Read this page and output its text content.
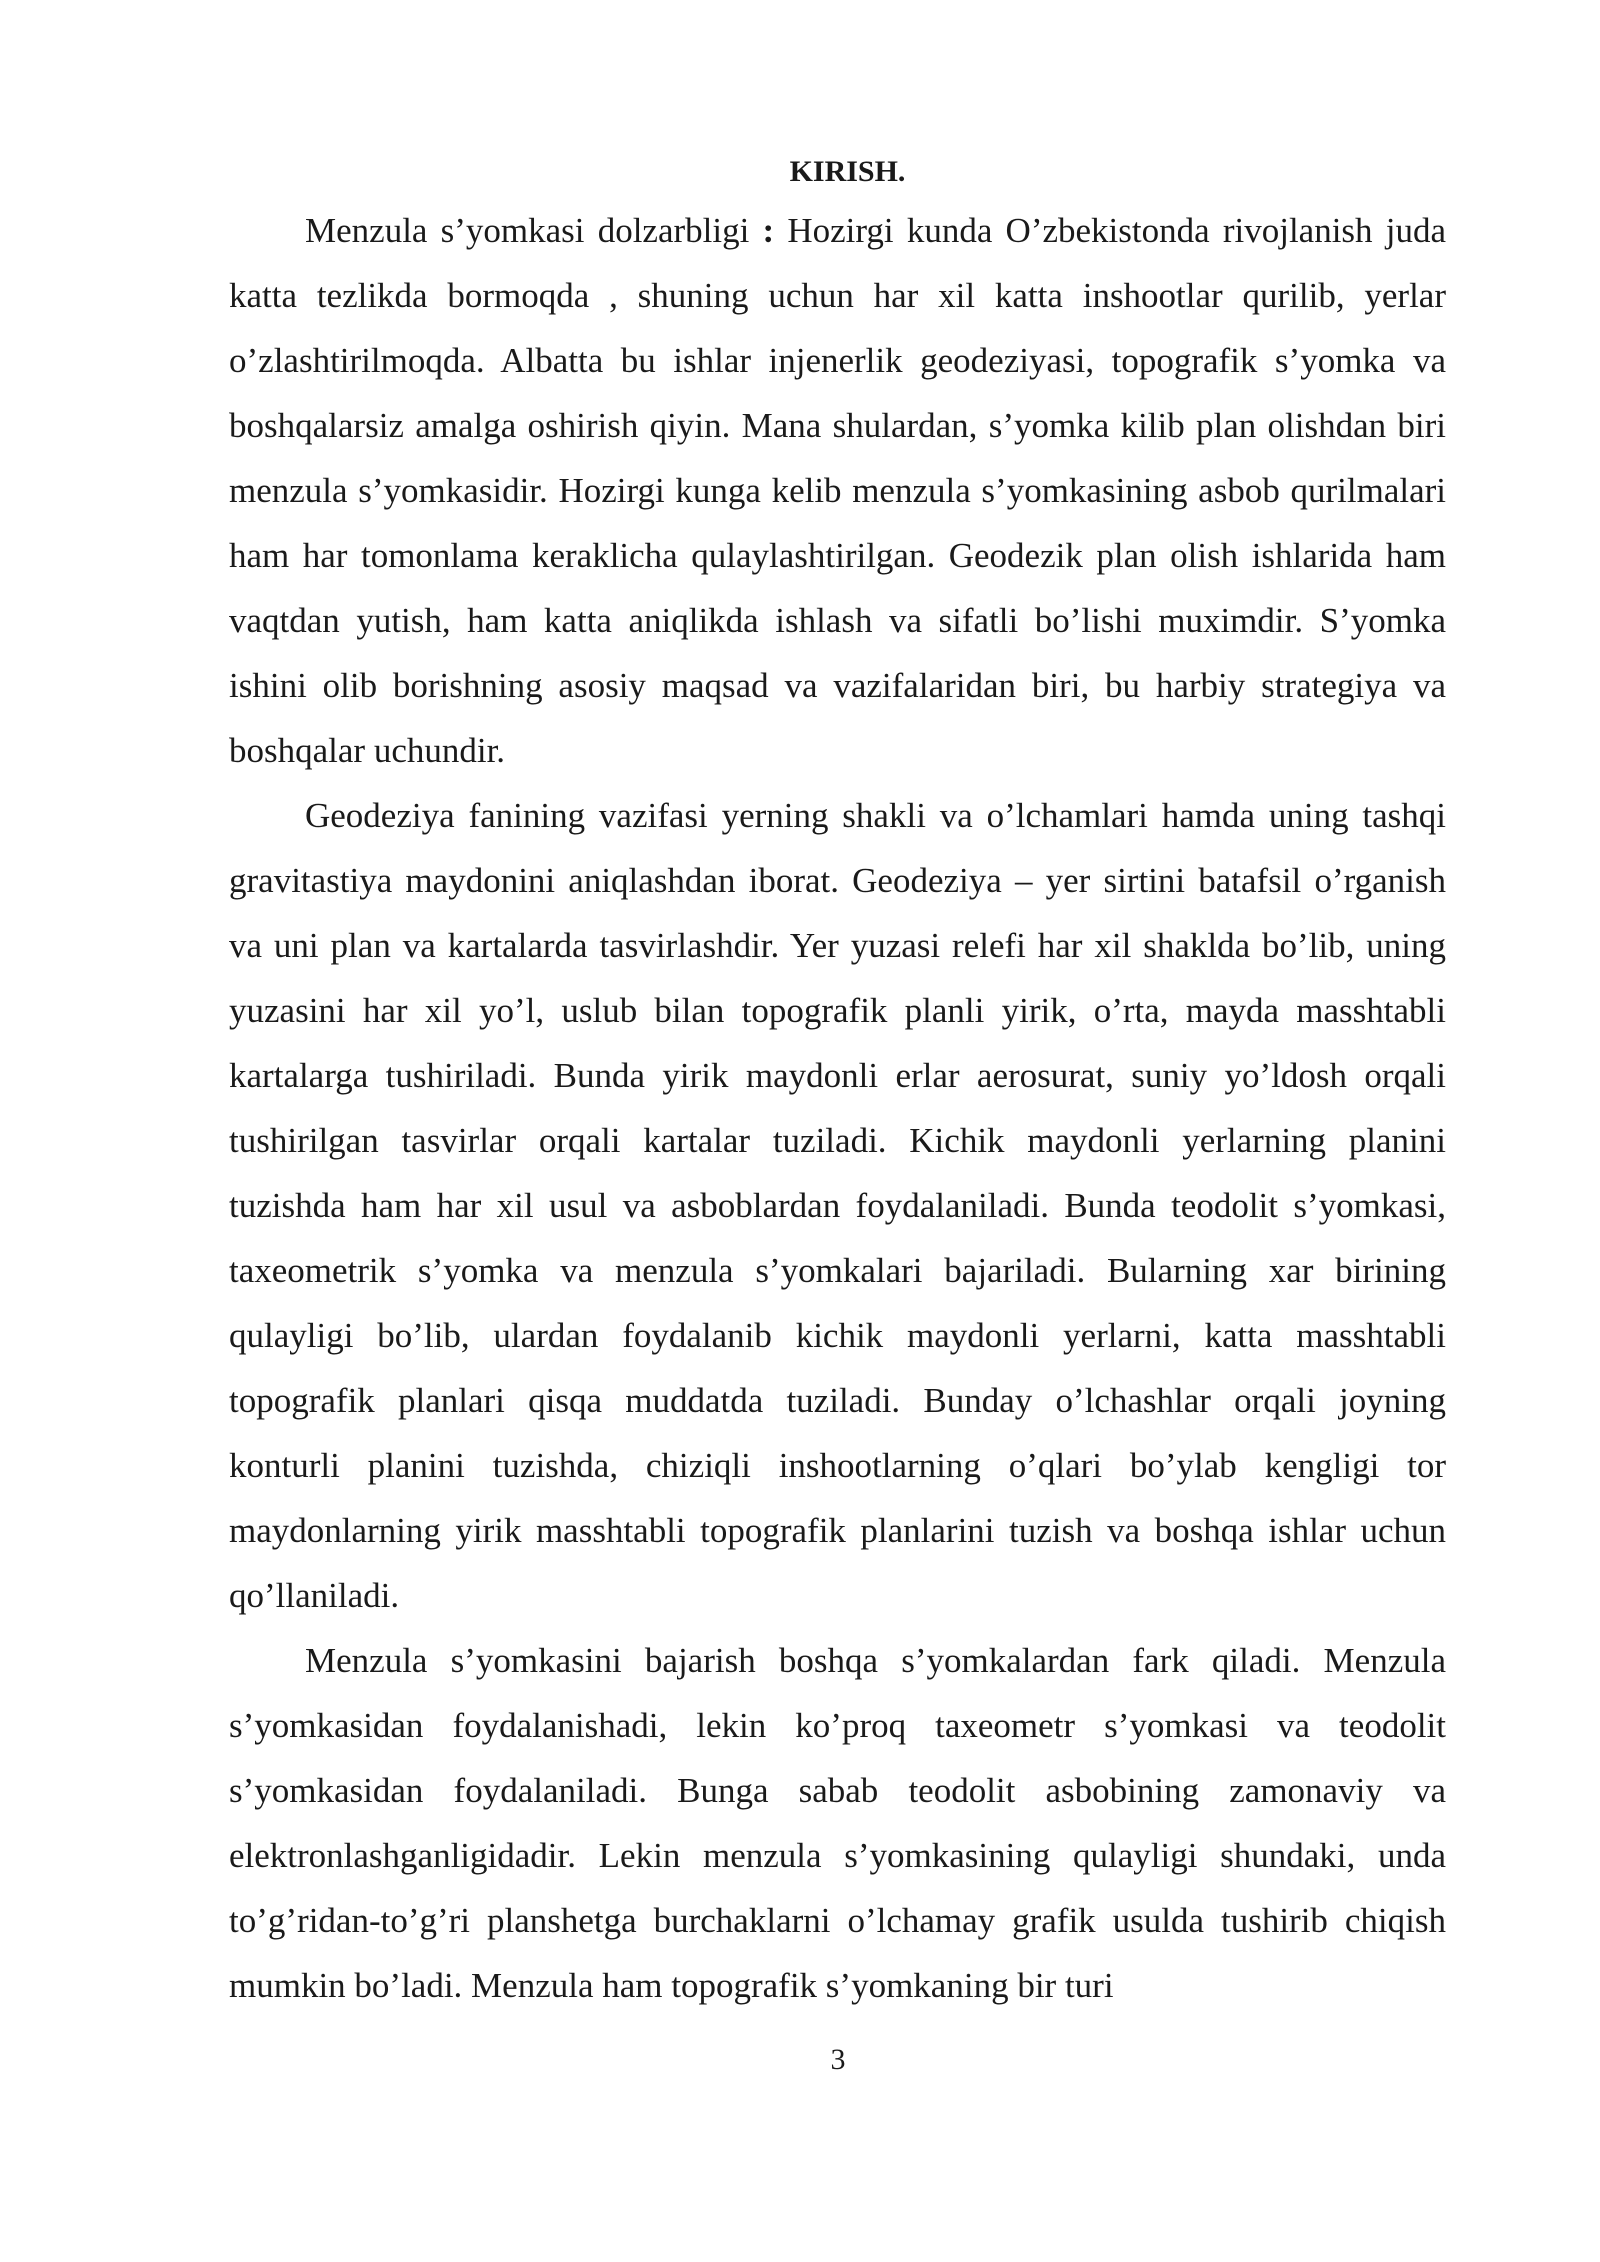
KIRISH.

Menzula s’yomkasi dolzarbligi : Hozirgi kunda O’zbekistonda rivojlanish juda katta tezlikda bormoqda , shuning uchun har xil katta inshootlar qurilib, yerlar o’zlashtirilmoqda. Albatta bu ishlar injenerlik geodeziyasi, topografik s’yomka va boshqalarsiz amalga oshirish qiyin. Mana shulardan, s’yomka kilib plan olishdan biri menzula s’yomkasidir. Hozirgi kunga kelib menzula s’yomkasining asbob qurilmalari ham har tomonlama keraklicha qulaylashtirilgan. Geodezik plan olish ishlarida ham vaqtdan yutish, ham katta aniqlikda ishlash va sifatli bo’lishi muximdir. S’yomka ishini olib borishning asosiy maqsad va vazifalaridan biri, bu harbiy strategiya va boshqalar uchundir.

Geodeziya fanining vazifasi yerning shakli va o’lchamlari hamda uning tashqi gravitastiya maydonini aniqlashdan iborat. Geodeziya – yer sirtini batafsil o’rganish va uni plan va kartalarda tasvirlashdir. Yer yuzasi relefi har xil shaklda bo’lib, uning yuzasini har xil yo’l, uslub bilan topografik planli yirik, o’rta, mayda masshtabli kartalarga tushiriladi. Bunda yirik maydonli erlar aerosurat, suniy yo’ldosh orqali tushirilgan tasvirlar orqali kartalar tuziladi. Kichik maydonli yerlarning planini tuzishda ham har xil usul va asboblardan foydalaniladi. Bunda teodolit s’yomkasi, taxeometrik s’yomka va menzula s’yomkalari bajariladi. Bularning xar birining qulayligi bo’lib, ulardan foydalanib kichik maydonli yerlarni, katta masshtabli topografik planlari qisqa muddatda tuziladi. Bunday o’lchashlar orqali joyning konturli planini tuzishda, chiziqli inshootlarning o’qlari bo’ylab kengligi tor maydonlarning yirik masshtabli topografik planlarini tuzish va boshqa ishlar uchun qo’llaniladi.

Menzula s’yomkasini bajarish boshqa s’yomkalardan fark qiladi. Menzula s’yomkasidan foydalanishadi, lekin ko’proq taxeometr s’yomkasi va teodolit s’yomkasidan foydalaniladi. Bunga sabab teodolit asbobining zamonaviy va elektronlashganligidadir. Lekin menzula s’yomkasining qulayligi shundaki, unda to’g’ridan-to’g’ri planshetga burchaklarni o’lchamay grafik usulda tushirib chiqish mumkin bo’ladi. Menzula ham topografik s’yomkaning bir turi

3
